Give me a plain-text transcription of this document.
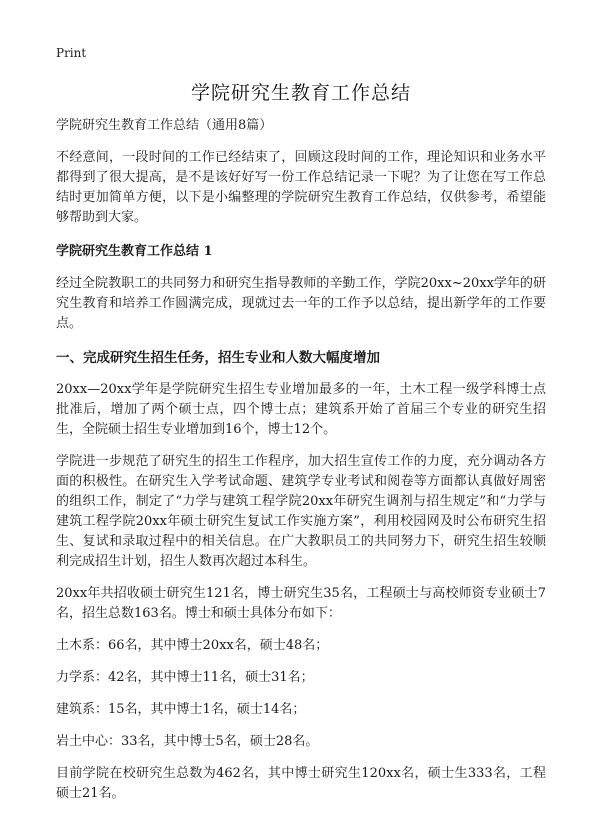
Print
学院研究生教育工作总结
学院研究生教育工作总结（通用8篇）

不经意间，一段时间的工作已经结束了，回顾这段时间的工作，理论知识和业务水平都得到了很大提高，是不是该好好写一份工作总结记录一下呢？为了让您在写工作总结时更加简单方便，以下是小编整理的学院研究生教育工作总结，仅供参考，希望能够帮助到大家。

学院研究生教育工作总结 1

经过全院教职工的共同努力和研究生指导教师的辛勤工作，学院20xx~20xx学年的研究生教育和培养工作圆满完成，现就过去一年的工作予以总结，提出新学年的工作要点。

一、完成研究生招生任务，招生专业和人数大幅度增加

20xx—20xx学年是学院研究生招生专业增加最多的一年，土木工程一级学科博士点批准后，增加了两个硕士点，四个博士点；建筑系开始了首届三个专业的研究生招生，全院硕士招生专业增加到16个，博士12个。

学院进一步规范了研究生的招生工作程序，加大招生宣传工作的力度，充分调动各方面的积极性。在研究生入学考试命题、建筑学专业考试和阅卷等方面都认真做好周密的组织工作，制定了“力学与建筑工程学院20xx年研究生调剂与招生规定”和“力学与建筑工程学院20xx年硕士研究生复试工作实施方案”，利用校园网及时公布研究生招生、复试和录取过程中的相关信息。在广大教职员工的共同努力下，研究生招生较顺利完成招生计划，招生人数再次超过本科生。

20xx年共招收硕士研究生121名，博士研究生35名，工程硕士与高校师资专业硕士7名，招生总数163名。博士和硕士具体分布如下：

土木系：66名，其中博士20xx名，硕士48名；

力学系：42名，其中博士11名，硕士31名；

建筑系：15名，其中博士1名，硕士14名；

岩土中心：33名，其中博士5名，硕士28名。

目前学院在校研究生总数为462名，其中博士研究生120xx名，硕士生333名，工程硕士21名。
